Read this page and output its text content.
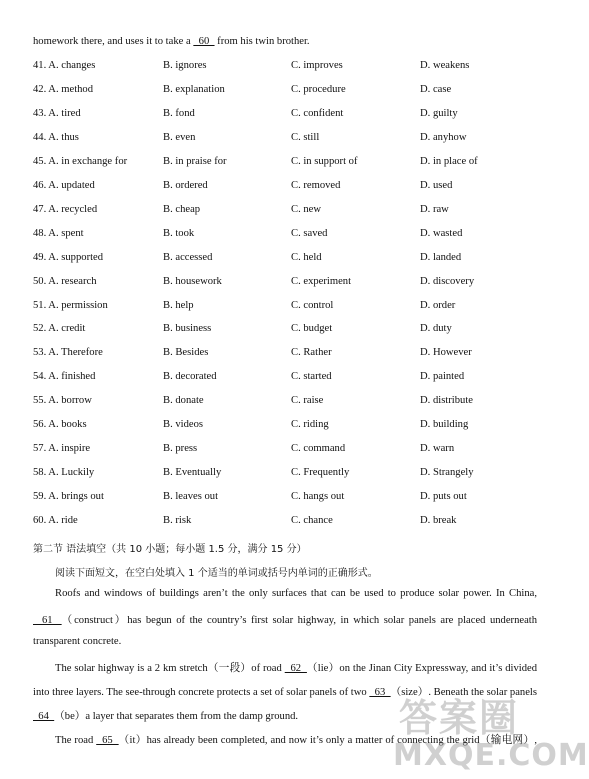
homework there, and uses it to take a   60   from his twin brother.
41. A. changes	B. ignores	C. improves	D. weakens
42. A. method	B. explanation	C. procedure	D. case
43. A. tired	B. fond	C. confident	D. guilty
44. A. thus	B. even	C. still	D. anyhow
45. A. in exchange for	B. in praise for	C. in support of	D. in place of
46. A. updated	B. ordered	C. removed	D. used
47. A. recycled	B. cheap	C. new	D. raw
48. A. spent	B. took	C. saved	D. wasted
49. A. supported	B. accessed	C. held	D. landed
50. A. research	B. housework	C. experiment	D. discovery
51. A. permission	B. help	C. control	D. order
52. A. credit	B. business	C. budget	D. duty
53. A. Therefore	B. Besides	C. Rather	D. However
54. A. finished	B. decorated	C. started	D. painted
55. A. borrow	B. donate	C. raise	D. distribute
56. A. books	B. videos	C. riding	D. building
57. A. inspire	B. press	C. command	D. warn
58. A. Luckily	B. Eventually	C. Frequently	D. Strangely
59. A. brings out	B. leaves out	C. hangs out	D. puts out
60. A. ride	B. risk	C. chance	D. break
第二节 语法填空（共 10 小题；每小题 1.5 分，满分 15 分）
阅读下面短文，在空白处填入 1 个适当的单词或括号内单词的正确形式。
Roofs and windows of buildings aren’t the only surfaces that can be used to produce solar power. In China,
61  （construct）has begun of the country’s first solar highway, in which solar panels are placed underneath
transparent concrete.
The solar highway is a 2 km stretch（一段）of road   62  （lie）on the Jinan City Expressway, and it’s divided
into three layers. The see-through concrete protects a set of solar panels of two   63  （size）. Beneath the solar panels
64  （be）a layer that separates them from the damp ground.
The road   65  （it）has already been completed, and now it’s only a matter of connecting the grid（输电网）,
答案圈
MXQE.COM
